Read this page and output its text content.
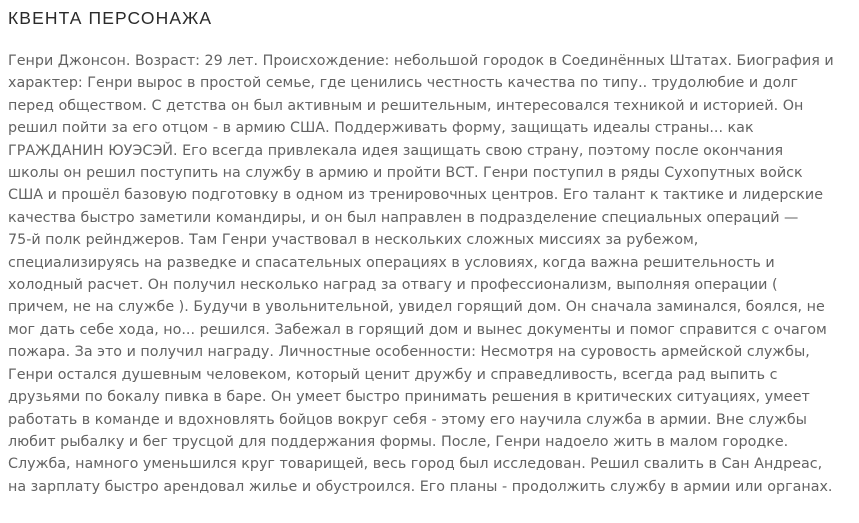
КВЕНТА ПЕРСОНАЖА
Генри Джонсон. Возраст: 29 лет. Происхождение: небольшой городок в Соединённых Штатах. Биография и
характер: Генри вырос в простой семье, где ценились честность качества по типу.. трудолюбие и долг
перед обществом. С детства он был активным и решительным, интересовался техникой и историей. Он
решил пойти за его отцом - в армию США. Поддерживать форму, защищать идеалы страны... как
ГРАЖДАНИН ЮУЭСЭЙ. Его всегда привлекала идея защищать свою страну, поэтому после окончания
школы он решил поступить на службу в армию и пройти ВСТ. Генри поступил в ряды Сухопутных войск
США и прошёл базовую подготовку в одном из тренировочных центров. Его талант к тактике и лидерские
качества быстро заметили командиры, и он был направлен в подразделение специальных операций —
75-й полк рейнджеров. Там Генри участвовал в нескольких сложных миссиях за рубежом,
специализируясь на разведке и спасательных операциях в условиях, когда важна решительность и
холодный расчет. Он получил несколько наград за отвагу и профессионализм, выполняя операции (
причем, не на службе ). Будучи в увольнительной, увидел горящий дом. Он сначала заминался, боялся, не
мог дать себе хода, но... решился. Забежал в горящий дом и вынес документы и помог справится с очагом
пожара. За это и получил награду. Личностные особенности: Несмотря на суровость армейской службы,
Генри остался душевным человеком, который ценит дружбу и справедливость, всегда рад выпить с
друзьями по бокалу пивка в баре. Он умеет быстро принимать решения в критических ситуациях, умеет
работать в команде и вдохновлять бойцов вокруг себя - этому его научила служба в армии. Вне службы
любит рыбалку и бег трусцой для поддержания формы. После, Генри надоело жить в малом городке.
Служба, намного уменьшился круг товарищей, весь город был исследован. Решил свалить в Сан Андреас,
на зарплату быстро арендовал жилье и обустроился. Его планы - продолжить службу в армии или органах.
